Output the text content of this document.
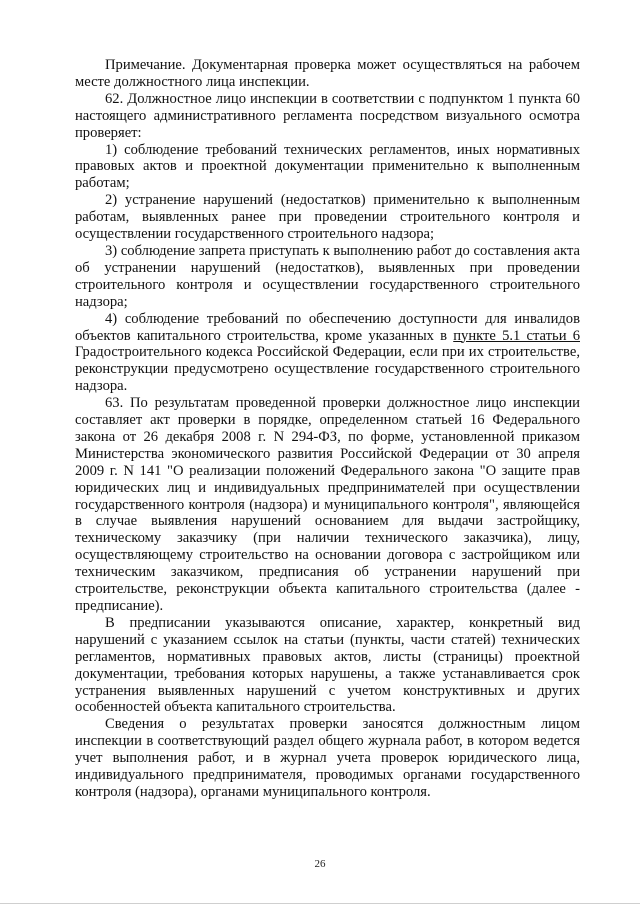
Примечание. Документарная проверка может осуществляться на рабочем месте должностного лица инспекции.

62. Должностное лицо инспекции в соответствии с подпунктом 1 пункта 60 настоящего административного регламента посредством визуального осмотра проверяет:

1) соблюдение требований технических регламентов, иных нормативных правовых актов и проектной документации применительно к выполненным работам;

2) устранение нарушений (недостатков) применительно к выполненным работам, выявленных ранее при проведении строительного контроля и осуществлении государственного строительного надзора;

3) соблюдение запрета приступать к выполнению работ до составления акта об устранении нарушений (недостатков), выявленных при проведении строительного контроля и осуществлении государственного строительного надзора;

4) соблюдение требований по обеспечению доступности для инвалидов объектов капитального строительства, кроме указанных в пункте 5.1 статьи 6 Градостроительного кодекса Российской Федерации, если при их строительстве, реконструкции предусмотрено осуществление государственного строительного надзора.

63. По результатам проведенной проверки должностное лицо инспекции составляет акт проверки в порядке, определенном статьей 16 Федерального закона от 26 декабря 2008 г. N 294-ФЗ, по форме, установленной приказом Министерства экономического развития Российской Федерации от 30 апреля 2009 г. N 141 "О реализации положений Федерального закона "О защите прав юридических лиц и индивидуальных предпринимателей при осуществлении государственного контроля (надзора) и муниципального контроля", являющейся в случае выявления нарушений основанием для выдачи застройщику, техническому заказчику (при наличии технического заказчика), лицу, осуществляющему строительство на основании договора с застройщиком или техническим заказчиком, предписания об устранении нарушений при строительстве, реконструкции объекта капитального строительства (далее - предписание).

В предписании указываются описание, характер, конкретный вид нарушений с указанием ссылок на статьи (пункты, части статей) технических регламентов, нормативных правовых актов, листы (страницы) проектной документации, требования которых нарушены, а также устанавливается срок устранения выявленных нарушений с учетом конструктивных и других особенностей объекта капитального строительства.

Сведения о результатах проверки заносятся должностным лицом инспекции в соответствующий раздел общего журнала работ, в котором ведется учет выполнения работ, и в журнал учета проверок юридического лица, индивидуального предпринимателя, проводимых органами государственного контроля (надзора), органами муниципального контроля.

26
